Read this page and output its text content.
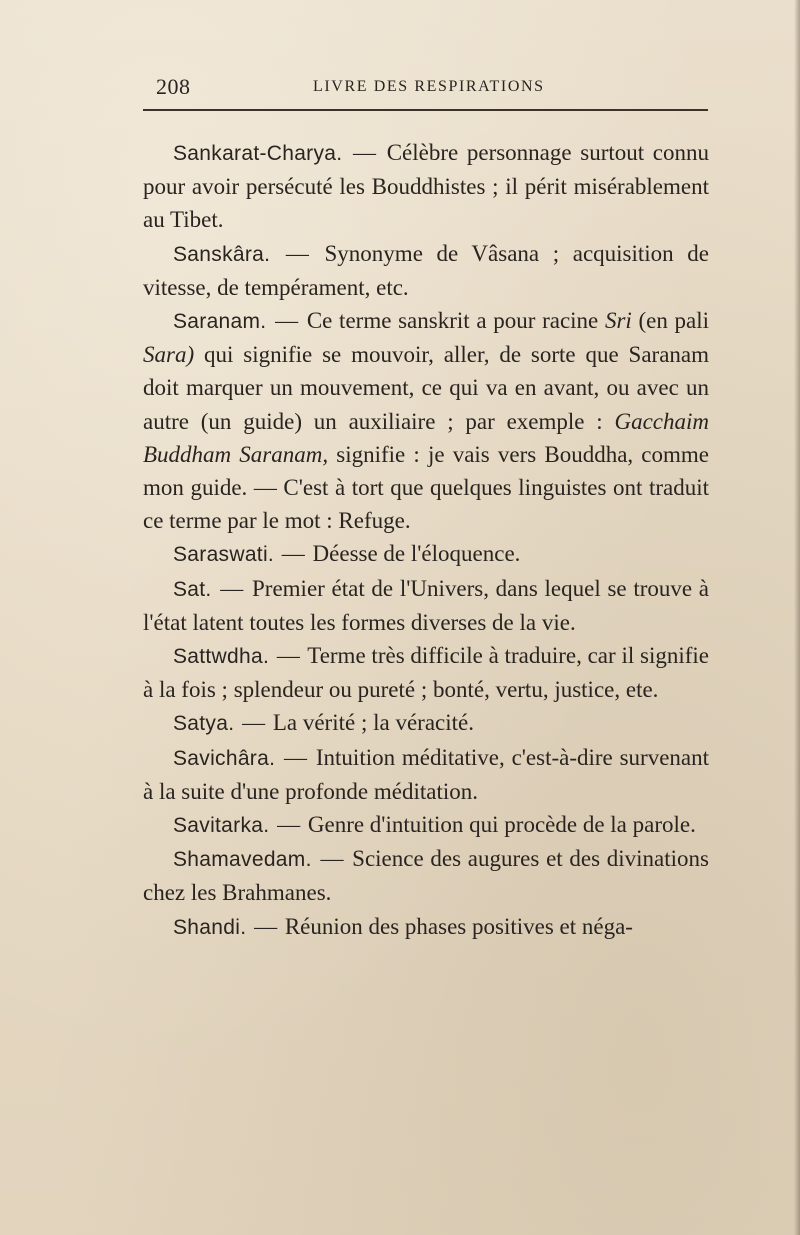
208	LIVRE DES RESPIRATIONS

Sankarat-Charya. — Célèbre personnage surtout connu pour avoir persécuté les Bouddhistes ; il périt misérablement au Tibet.

Sanskâra. — Synonyme de Vâsana ; acquisition de vitesse, de tempérament, etc.

Saranam. — Ce terme sanskrit a pour racine Sri (en pali Sara) qui signifie se mouvoir, aller, de sorte que Saranam doit marquer un mouvement, ce qui va en avant, ou avec un autre (un guide) un auxiliaire ; par exemple : Gacchaim Buddham Saranam, signifie : je vais vers Bouddha, comme mon guide. — C'est à tort que quelques linguistes ont traduit ce terme par le mot : Refuge.

Saraswati. — Déesse de l'éloquence.

Sat. — Premier état de l'Univers, dans lequel se trouve à l'état latent toutes les formes diverses de la vie.

Sattwdha. — Terme très difficile à traduire, car il signifie à la fois ; splendeur ou pureté ; bonté, vertu, justice, ete.

Satya. — La vérité ; la véracité.

Savichâra. — Intuition méditative, c'est-à-dire survenant à la suite d'une profonde méditation.

Savitarka. — Genre d'intuition qui procède de la parole.

Shamavedam. — Science des augures et des divinations chez les Brahmanes.

Shandi. — Réunion des phases positives et néga-
